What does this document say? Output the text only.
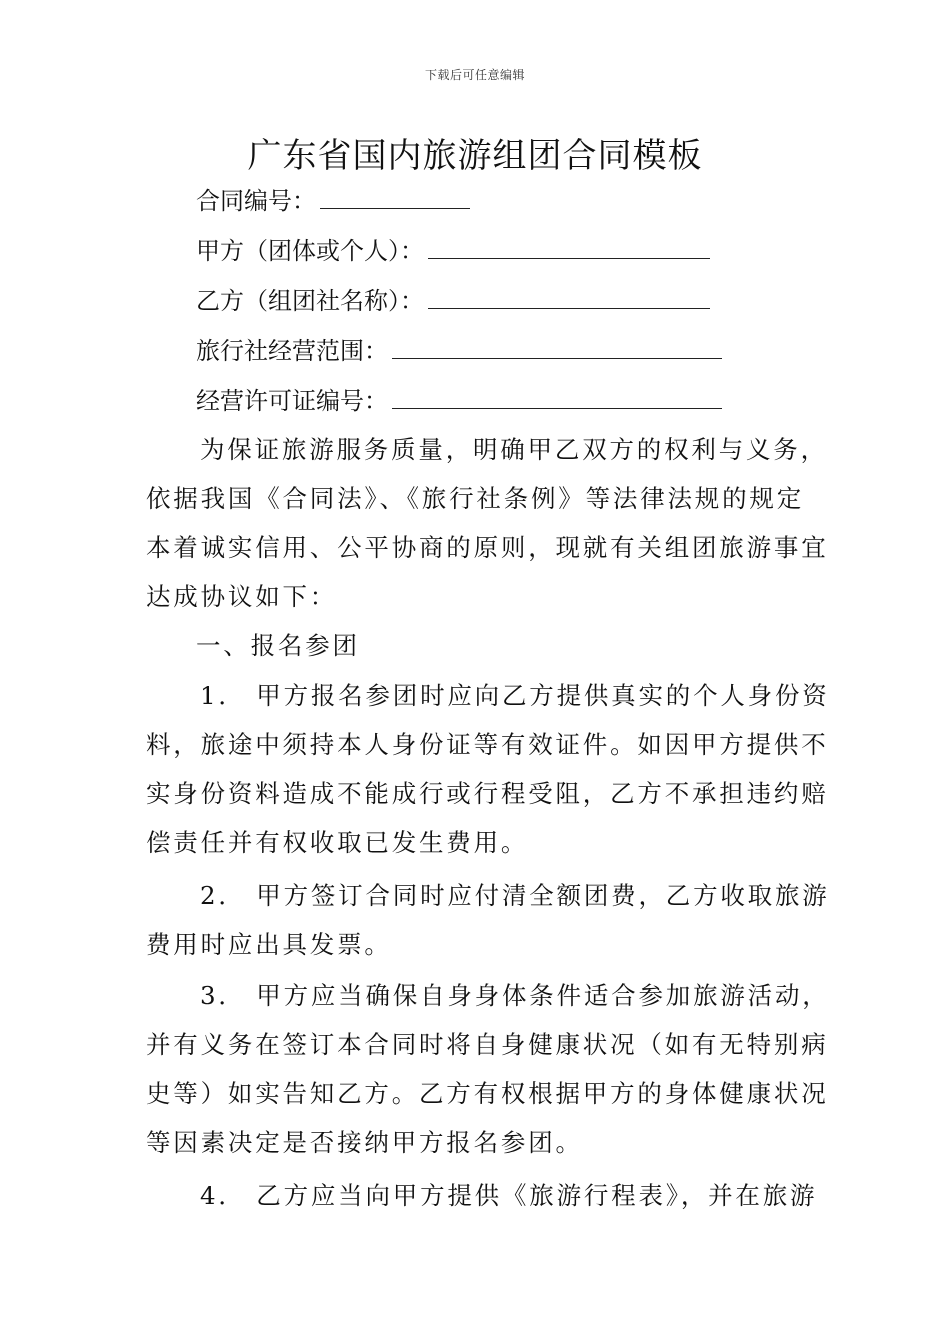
下载后可任意编辑
广东省国内旅游组团合同模板
合同编号：
甲方（团体或个人）：
乙方（组团社名称）：
旅行社经营范围：
经营许可证编号：
为保证旅游服务质量，明确甲乙双方的权利与义务，
依据我国《合同法》、《旅行社条例》等法律法规的规定
本着诚实信用、公平协商的原则，现就有关组团旅游事宜
达成协议如下：
一、报名参团
1． 甲方报名参团时应向乙方提供真实的个人身份资
料，旅途中须持本人身份证等有效证件。如因甲方提供不
实身份资料造成不能成行或行程受阻，乙方不承担违约赔
偿责任并有权收取已发生费用。
2． 甲方签订合同时应付清全额团费，乙方收取旅游
费用时应出具发票。
3． 甲方应当确保自身身体条件适合参加旅游活动，
并有义务在签订本合同时将自身健康状况（如有无特别病
史等）如实告知乙方。乙方有权根据甲方的身体健康状况
等因素决定是否接纳甲方报名参团。
4． 乙方应当向甲方提供《旅游行程表》，并在旅游
